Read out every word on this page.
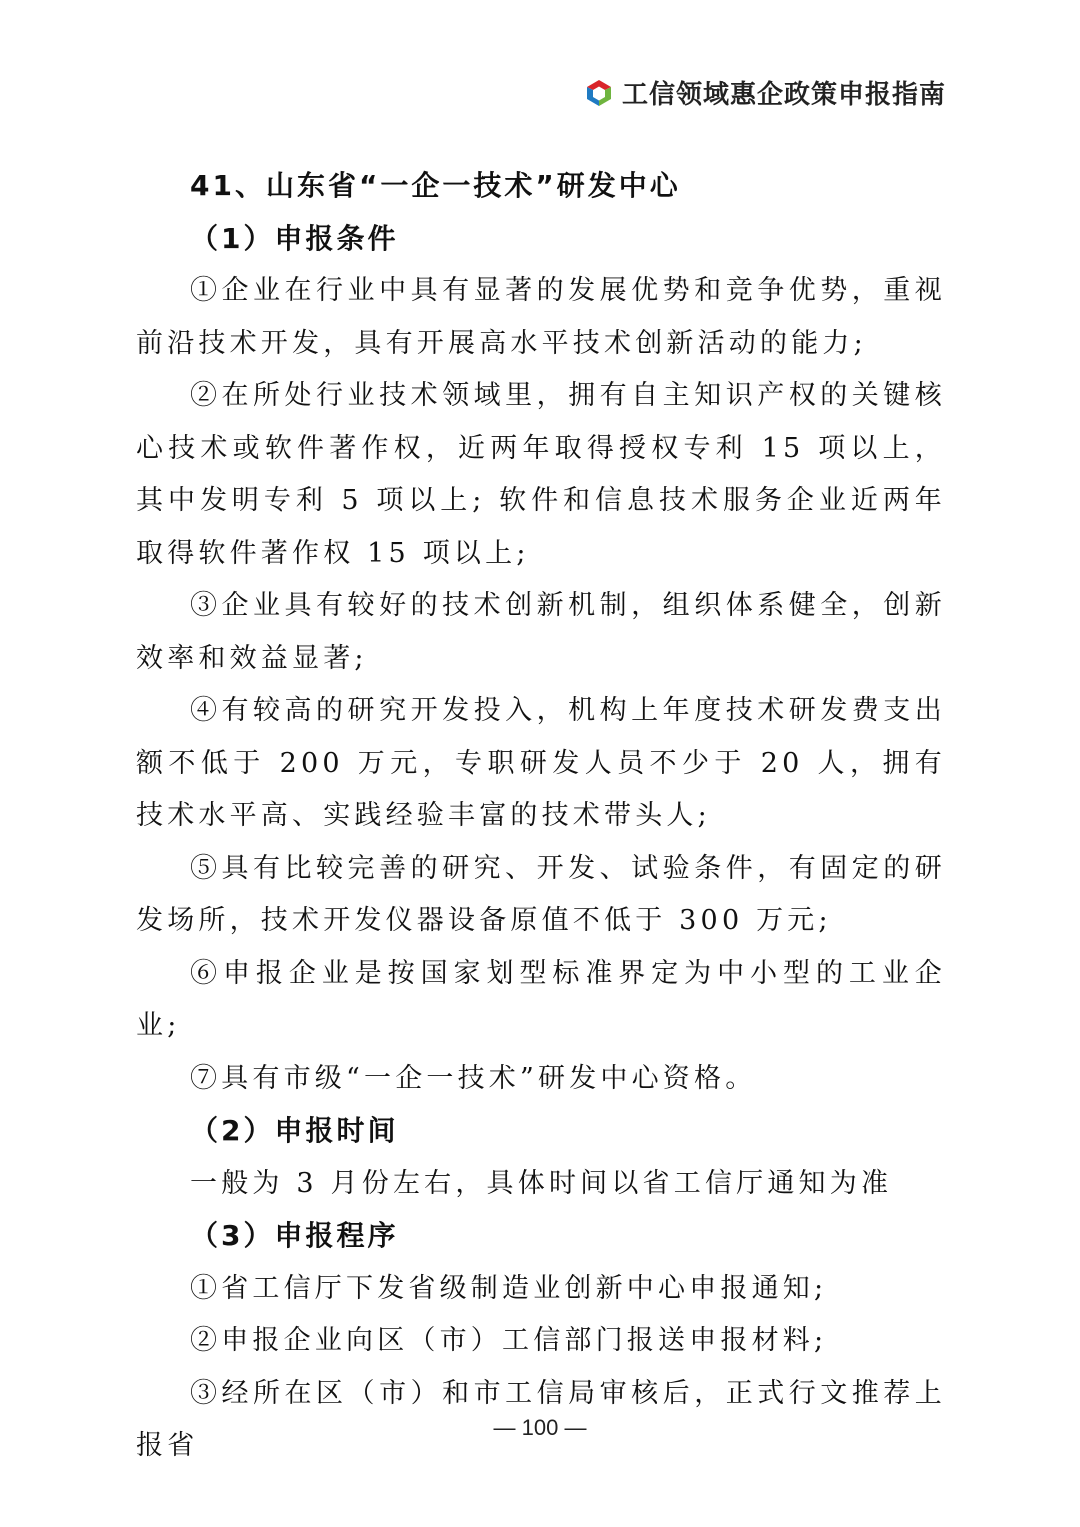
工信领域惠企政策申报指南
41、山东省“一企一技术”研发中心
（1）申报条件

①企业在行业中具有显著的发展优势和竞争优势，重视前沿技术开发，具有开展高水平技术创新活动的能力;

②在所处行业技术领域里，拥有自主知识产权的关键核心技术或软件著作权，近两年取得授权专利 15 项以上，其中发明专利 5 项以上; 软件和信息技术服务企业近两年取得软件著作权 15 项以上;

③企业具有较好的技术创新机制，组织体系健全，创新效率和效益显著;

④有较高的研究开发投入，机构上年度技术研发费支出额不低于 200 万元，专职研发人员不少于 20 人，拥有技术水平高、实践经验丰富的技术带头人;

⑤具有比较完善的研究、开发、试验条件，有固定的研发场所，技术开发仪器设备原值不低于 300 万元;

⑥申报企业是按国家划型标准界定为中小型的工业企业;

⑦具有市级“一企一技术”研发中心资格。

（2）申报时间

一般为 3 月份左右，具体时间以省工信厅通知为准

（3）申报程序

①省工信厅下发省级制造业创新中心申报通知;

②申报企业向区（市）工信部门报送申报材料;

③经所在区（市）和市工信局审核后，正式行文推荐上报省

— 100 —
